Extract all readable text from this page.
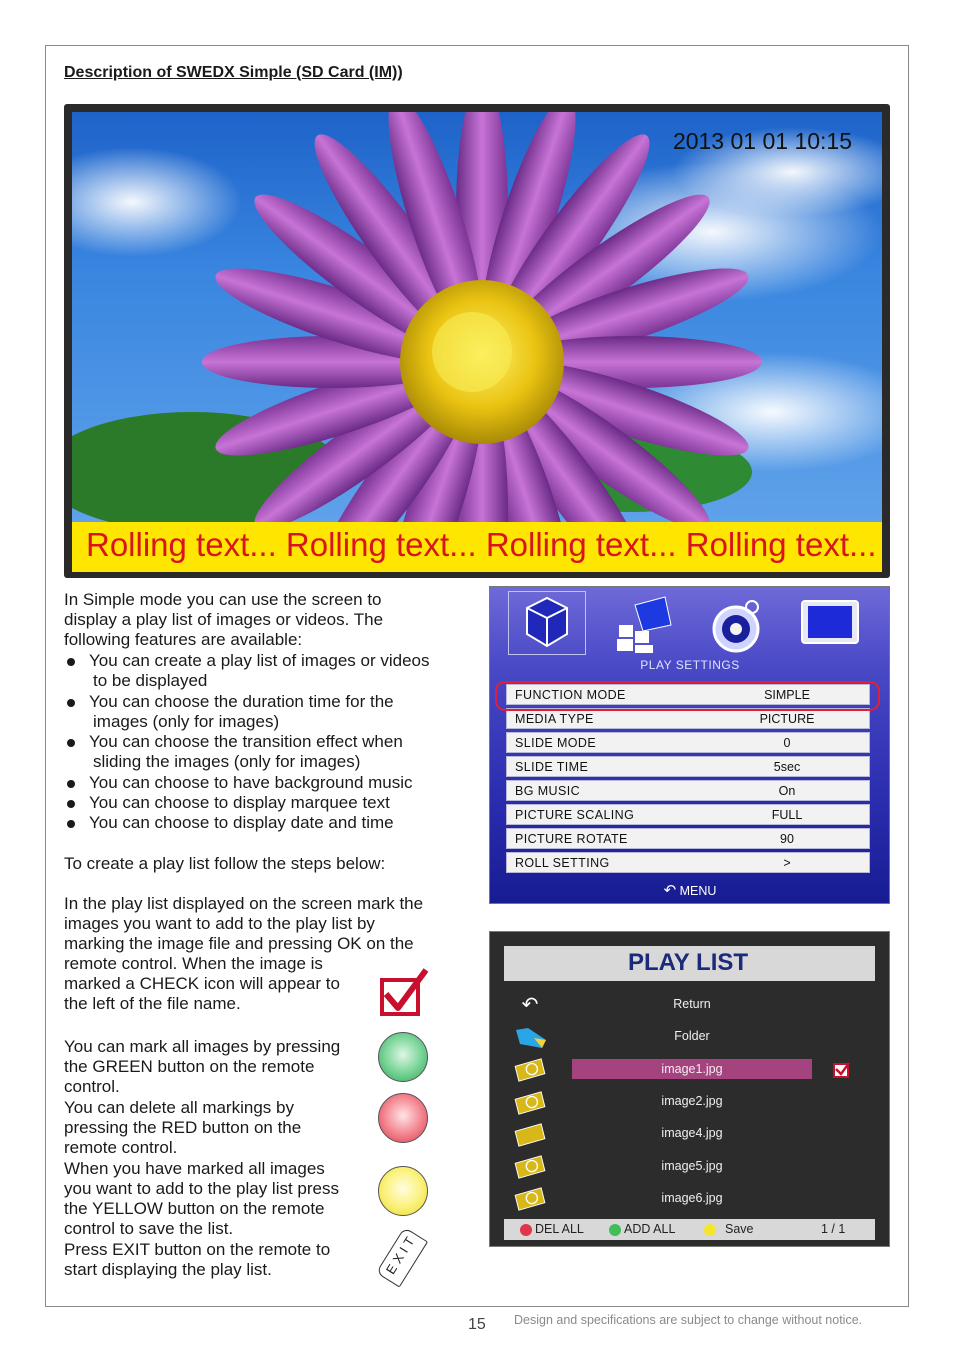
Description of SWEDX Simple (SD Card (IM))
2013 01 01 10:15
Rolling text... Rolling text... Rolling text... Rolling text...
In Simple mode you can use the screen to
display a play list of images or videos. The
following features are available:
You can create a play list of images or videos
to be displayed
You can choose the duration time for the
images (only for images)
You can choose the transition effect when
sliding the images (only for images)
You can choose to have background music
You can choose to display marquee text
You can choose to display date and time
To create a play list follow the steps below:
In the play list displayed on the screen mark the
images you want to add to the play list by
marking the image file and pressing OK on the
remote control. When the image is
marked a CHECK icon will appear to
the left of the file name.
You can mark all images by pressing
the GREEN button on the remote
control.
You can delete all markings by
pressing the RED button on the
remote control.
When you have marked all images
you want to add to the play list press
the YELLOW button on the remote
control to save the list.
Press EXIT button on the remote to
start displaying the play list.	EXIT
PLAY SETTINGS
FUNCTION MODE	SIMPLE
MEDIA TYPE	PICTURE
SLIDE MODE	0
SLIDE TIME	5sec
BG MUSIC	On
PICTURE SCALING	FULL
PICTURE ROTATE	90
ROLL SETTING	>
↶ MENU
PLAY LIST
↶	Return
Folder
image1.jpg
image2.jpg
image4.jpg
image5.jpg
image6.jpg
DEL ALL	ADD ALL	Save	1 / 1
15 Design and specifications are subject to change without notice.
